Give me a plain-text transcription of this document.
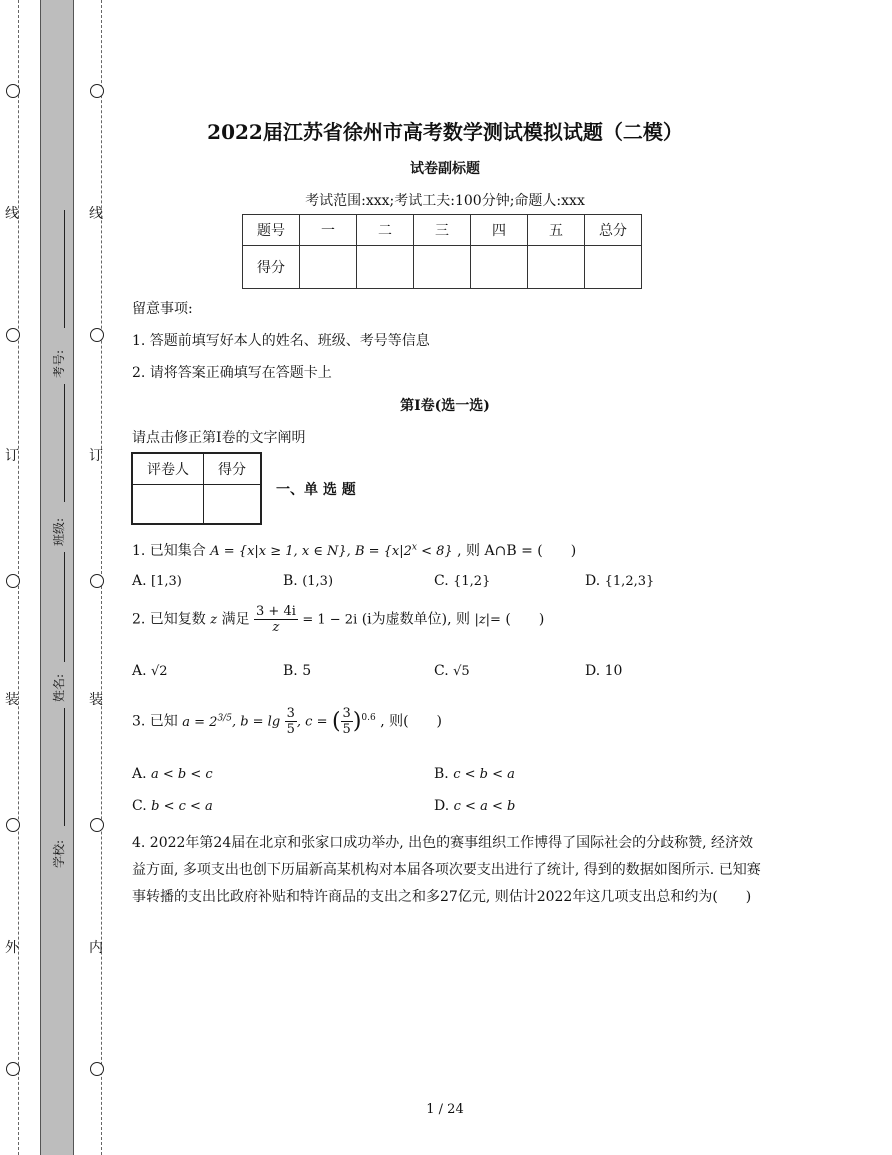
线
订
装
外
线
订
装
内
考号:
班级:
姓名:
学校:
2022届江苏省徐州市高考数学测试模拟试题（二模）
试卷副标题
考试范围:xxx;考试工夫:100分钟;命题人:xxx
题号	一	二	三	四	五	总分
得分						
留意事项:
1. 答题前填写好本人的姓名、班级、考号等信息
2. 请将答案正确填写在答题卡上
第I卷(选一选)
请点击修正第I卷的文字阐明
评卷人	得分

一、单 选 题
1. 已知集合 A = {x|x ≥ 1, x ∈ N}, $B = \{x|2^x < 8\}$ , 则 A∩B = (　　)
A. [1,3)	B. (1,3)	C. {1,2}	D. {1,2,3}
2. 已知复数 z 满足 $\frac{3 + 4i}{z} = 1 - 2i$ (i为虚数单位), 则 |z|= (　　)
A. √2	B. 5	C. √5	D. 10
3. 已知 $a = 2^{3/5}$, $b = \lg \frac{3}{5}$ , c = ( $\frac{3}{5} )^{0.6}$ , 则(　　)
A. a < b < c	B. c < b < a
C. b < c < a	D. c < a < b
4. 2022年第24届在北京和张家口成功举办, 出色的赛事组织工作博得了国际社会的分歧称赞, 经济效益方面, 多项支出也创下历届新高某机构对本届各项次要支出进行了统计, 得到的数据如图所示. 已知赛事转播的支出比政府补贴和特许商品的支出之和多27亿元, 则估计2022年这几项支出总和约为(　　)
1 / 24
